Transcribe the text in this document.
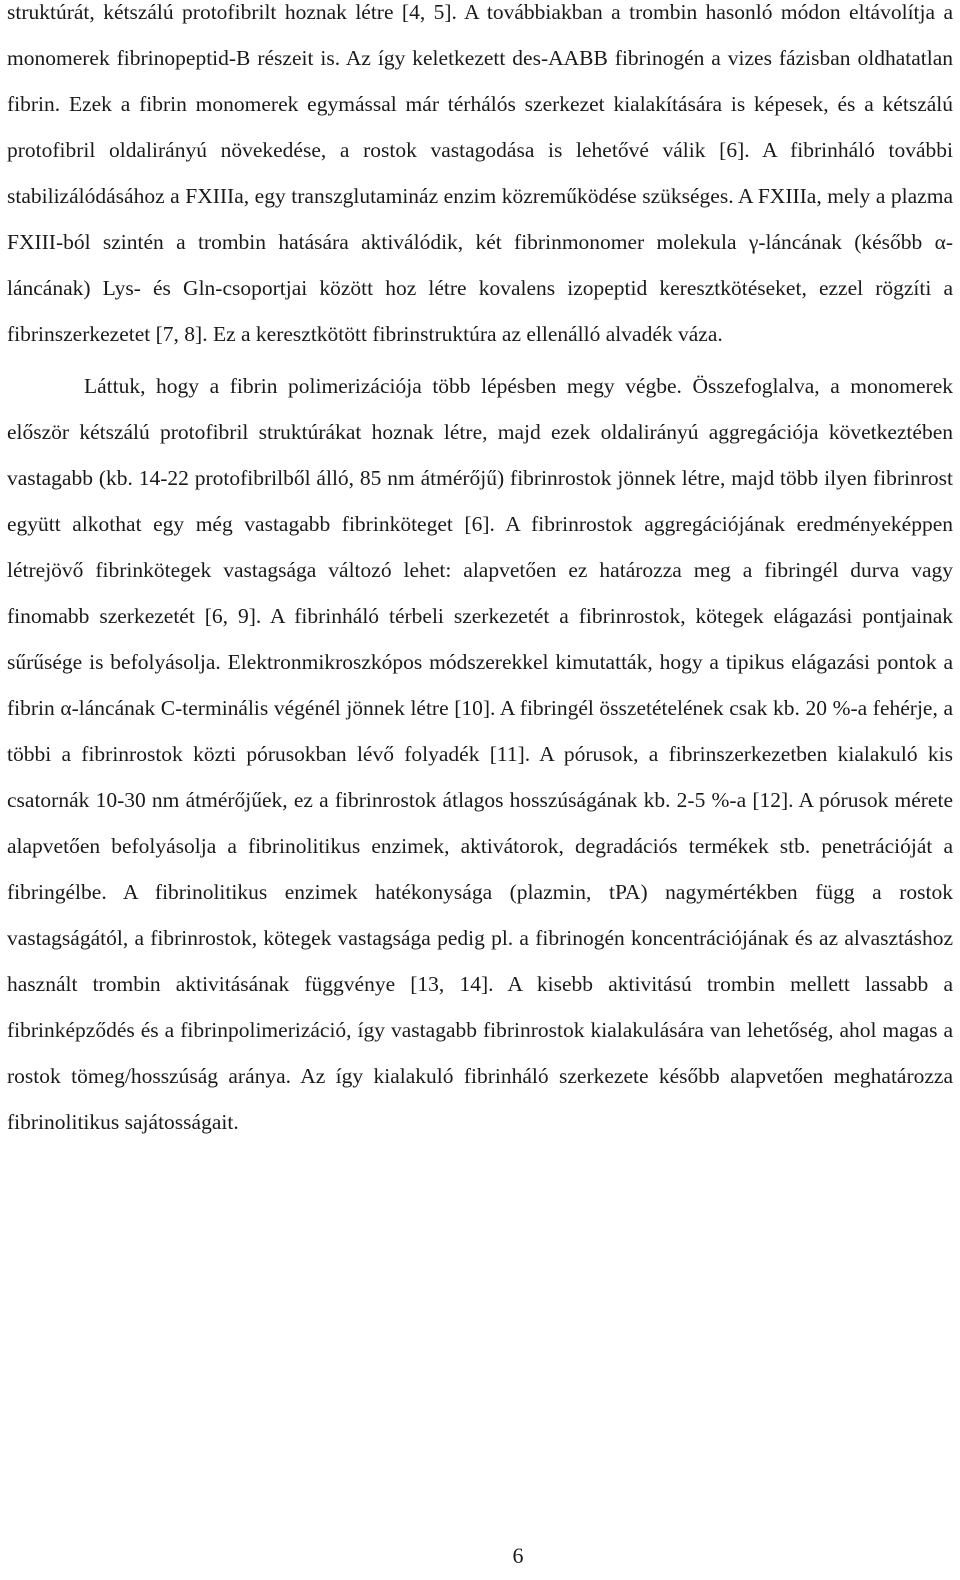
struktúrát, kétszálú protofibrilt hoznak létre [4, 5]. A továbbiakban a trombin hasonló módon eltávolítja a monomerek fibrinopeptid-B részeit is. Az így keletkezett des-AABB fibrinogén a vizes fázisban oldhatatlan fibrin. Ezek a fibrin monomerek egymással már térhálós szerkezet kialakítására is képesek, és a kétszálú protofibril oldalirányú növekedése, a rostok vastagodása is lehetővé válik [6]. A fibrinháló további stabilizálódásához a FXIIIa, egy transzglutamináz enzim közreműködése szükséges. A FXIIIa, mely a plazma FXIII-ból szintén a trombin hatására aktiválódik, két fibrinmonomer molekula γ-láncának (később α-láncának) Lys- és Gln-csoportjai között hoz létre kovalens izopeptid keresztkötéseket, ezzel rögzíti a fibrinszerkezetet [7, 8]. Ez a keresztkötött fibrinstruktúra az ellenálló alvadék váza.

Láttuk, hogy a fibrin polimerizációja több lépésben megy végbe. Összefoglalva, a monomerek először kétszálú protofibril struktúrákat hoznak létre, majd ezek oldalirányú aggregációja következtében vastagabb (kb. 14-22 protofibrilből álló, 85 nm átmérőjű) fibrinrostok jönnek létre, majd több ilyen fibrinrost együtt alkothat egy még vastagabb fibrinköteget [6]. A fibrinrostok aggregációjának eredményeképpen létrejövő fibrinkötegek vastagsága változó lehet: alapvetően ez határozza meg a fibringél durva vagy finomabb szerkezetét [6, 9]. A fibrinháló térbeli szerkezetét a fibrinrostok, kötegek elágazási pontjainak sűrűsége is befolyásolja. Elektronmikroszkópos módszerekkel kimutatták, hogy a tipikus elágazási pontok a fibrin α-láncának C-terminális végénél jönnek létre [10]. A fibringél összetételének csak kb. 20 %-a fehérje, a többi a fibrinrostok közti pórusokban lévő folyadék [11]. A pórusok, a fibrinszerkezetben kialakuló kis csatornák 10-30 nm átmérőjűek, ez a fibrinrostok átlagos hosszúságának kb. 2-5 %-a [12]. A pórusok mérete alapvetően befolyásolja a fibrinolitikus enzimek, aktivátorok, degradációs termékek stb. penetrációját a fibringélbe. A fibrinolitikus enzimek hatékonysága (plazmin, tPA) nagymértékben függ a rostok vastagságától, a fibrinrostok, kötegek vastagsága pedig pl. a fibrinogén koncentrációjának és az alvasztáshoz használt trombin aktivitásának függvénye [13, 14]. A kisebb aktivitású trombin mellett lassabb a fibrinképződés és a fibrinpolimerizáció, így vastagabb fibrinrostok kialakulására van lehetőség, ahol magas a rostok tömeg/hosszúság aránya. Az így kialakuló fibrinháló szerkezete később alapvetően meghatározza fibrinolitikus sajátosságait.

6
